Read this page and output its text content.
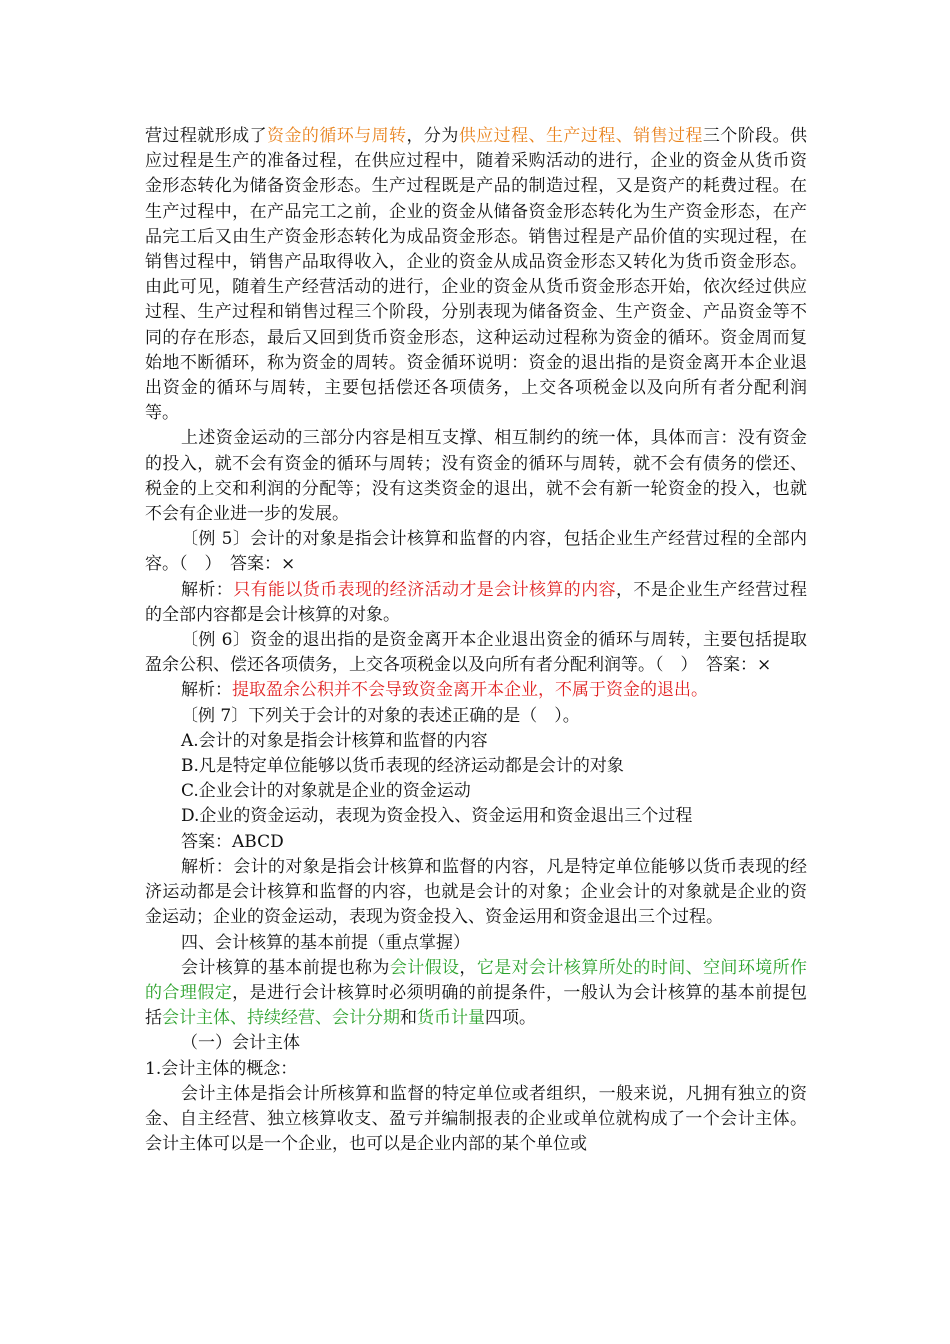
营过程就形成了资金的循环与周转，分为供应过程、生产过程、销售过程三个阶段。供应过程是生产的准备过程，在供应过程中，随着采购活动的进行，企业的资金从货币资金形态转化为储备资金形态。生产过程既是产品的制造过程，又是资产的耗费过程。在生产过程中，在产品完工之前，企业的资金从储备资金形态转化为生产资金形态，在产品完工后又由生产资金形态转化为成品资金形态。销售过程是产品价值的实现过程，在销售过程中，销售产品取得收入，企业的资金从成品资金形态又转化为货币资金形态。由此可见，随着生产经营活动的进行，企业的资金从货币资金形态开始，依次经过供应过程、生产过程和销售过程三个阶段，分别表现为储备资金、生产资金、产品资金等不同的存在形态，最后又回到货币资金形态，这种运动过程称为资金的循环。资金周而复始地不断循环，称为资金的周转。资金循环说明：资金的退出指的是资金离开本企业退出资金的循环与周转，主要包括偿还各项债务，上交各项税金以及向所有者分配利润等。

上述资金运动的三部分内容是相互支撑、相互制约的统一体，具体而言：没有资金的投入，就不会有资金的循环与周转；没有资金的循环与周转，就不会有债务的偿还、税金的上交和利润的分配等；没有这类资金的退出，就不会有新一轮资金的投入，也就不会有企业进一步的发展。

〔例 5〕会计的对象是指会计核算和监督的内容，包括企业生产经营过程的全部内容。（　）　答案：×

解析：只有能以货币表现的经济活动才是会计核算的内容，不是企业生产经营过程的全部内容都是会计核算的对象。

〔例 6〕资金的退出指的是资金离开本企业退出资金的循环与周转，主要包括提取盈余公积、偿还各项债务，上交各项税金以及向所有者分配利润等。（　）　答案：×

解析：提取盈余公积并不会导致资金离开本企业，不属于资金的退出。

〔例 7〕下列关于会计的对象的表述正确的是（　）。

A.会计的对象是指会计核算和监督的内容

B.凡是特定单位能够以货币表现的经济运动都是会计的对象

C.企业会计的对象就是企业的资金运动

D.企业的资金运动，表现为资金投入、资金运用和资金退出三个过程

答案：ABCD

解析：会计的对象是指会计核算和监督的内容，凡是特定单位能够以货币表现的经济运动都是会计核算和监督的内容，也就是会计的对象；企业会计的对象就是企业的资金运动；企业的资金运动，表现为资金投入、资金运用和资金退出三个过程。

四、会计核算的基本前提（重点掌握）

会计核算的基本前提也称为会计假设，它是对会计核算所处的时间、空间环境所作的合理假定，是进行会计核算时必须明确的前提条件，一般认为会计核算的基本前提包括会计主体、持续经营、会计分期和货币计量四项。

（一）会计主体

1.会计主体的概念：

会计主体是指会计所核算和监督的特定单位或者组织，一般来说，凡拥有独立的资金、自主经营、独立核算收支、盈亏并编制报表的企业或单位就构成了一个会计主体。会计主体可以是一个企业，也可以是企业内部的某个单位或
